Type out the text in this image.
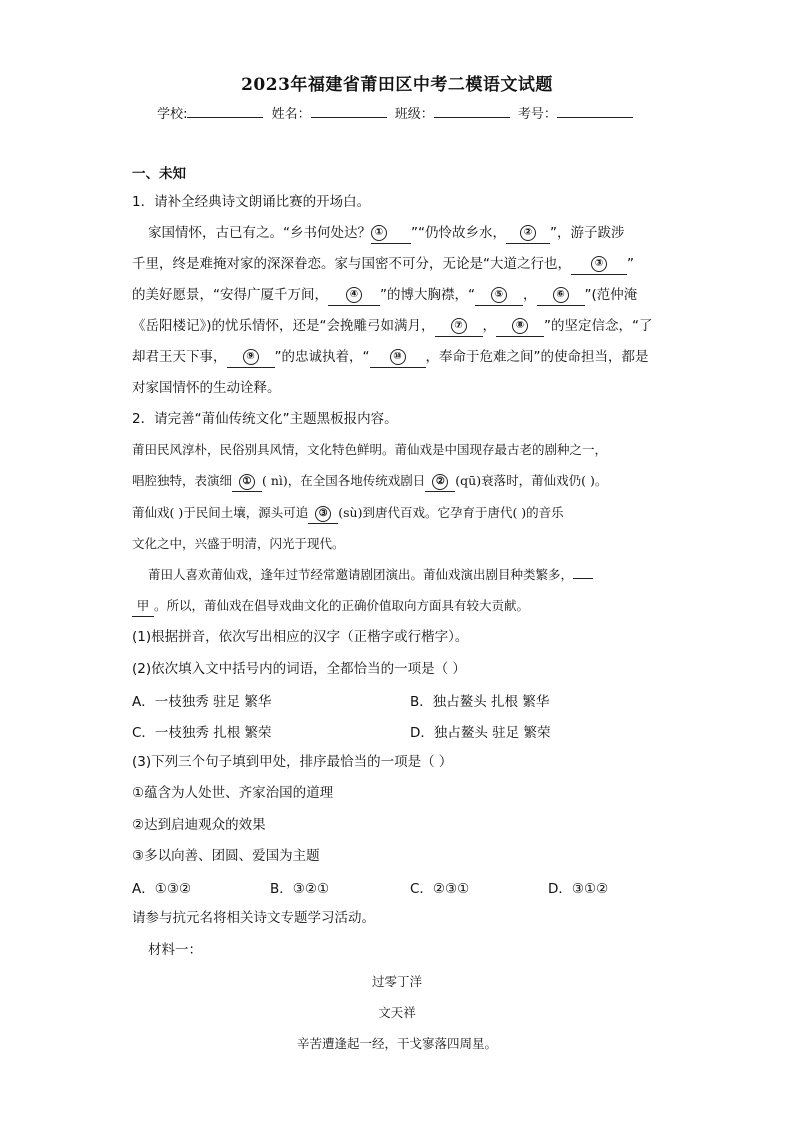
2023年福建省莆田区中考二模语文试题
学校:	姓名：	班级：	考号：
一、未知
1．请补全经典诗文朗诵比赛的开场白。
家国情怀，古已有之。“乡书何处达？ ① ”“仍怜故乡水， ② ”，游子跋涉
千里，终是难掩对家的深深眷恋。家与国密不可分，无论是“大道之行也， ③ ”
的美好愿景，“安得广厦千万间， ④ ”的博大胸襟，“ ⑤ ， ⑥ ”(范仲淹
《岳阳楼记》)的忧乐情怀，还是“会挽雕弓如满月， ⑦ ， ⑧ ”的坚定信念，“了
却君王天下事， ⑨ ”的忠诚执着，“ ⑩ ，奉命于危难之间”的使命担当，都是
对家国情怀的生动诠释。
2．请完善“莆仙传统文化”主题黑板报内容。
莆田民风淳朴，民俗别具风情，文化特色鲜明。莆仙戏是中国现存最古老的剧种之一，
唱腔独特，表演细 ① ( nì)，在全国各地传统戏剧日 ② (qū)衰落时，莆仙戏仍( )。
莆仙戏( )于民间土壤，源头可追 ③ (sù)到唐代百戏。它孕育于唐代( )的音乐
文化之中，兴盛于明清，闪光于现代。
莆田人喜欢莆仙戏，逢年过节经常邀请剧团演出。莆仙戏演出剧目种类繁多，
甲 。所以，莆仙戏在倡导戏曲文化的正确价值取向方面具有较大贡献。
(1)根据拼音，依次写出相应的汉字（正楷字或行楷字）。
(2)依次填入文中括号内的词语，全都恰当的一项是（ ）
A．一枝独秀 驻足 繁华	B．独占鳌头 扎根 繁华
C．一枝独秀 扎根 繁荣	D．独占鳌头 驻足 繁荣
(3)下列三个句子填到甲处，排序最恰当的一项是（ ）
①蕴含为人处世、齐家治国的道理
②达到启迪观众的效果
③多以向善、团圆、爱国为主题
A．①③②	B．③②①	C．②③①	D．③①②
请参与抗元名将相关诗文专题学习活动。
材料一：
过零丁洋
文天祥
辛苦遭逢起一经，干戈寥落四周星。
